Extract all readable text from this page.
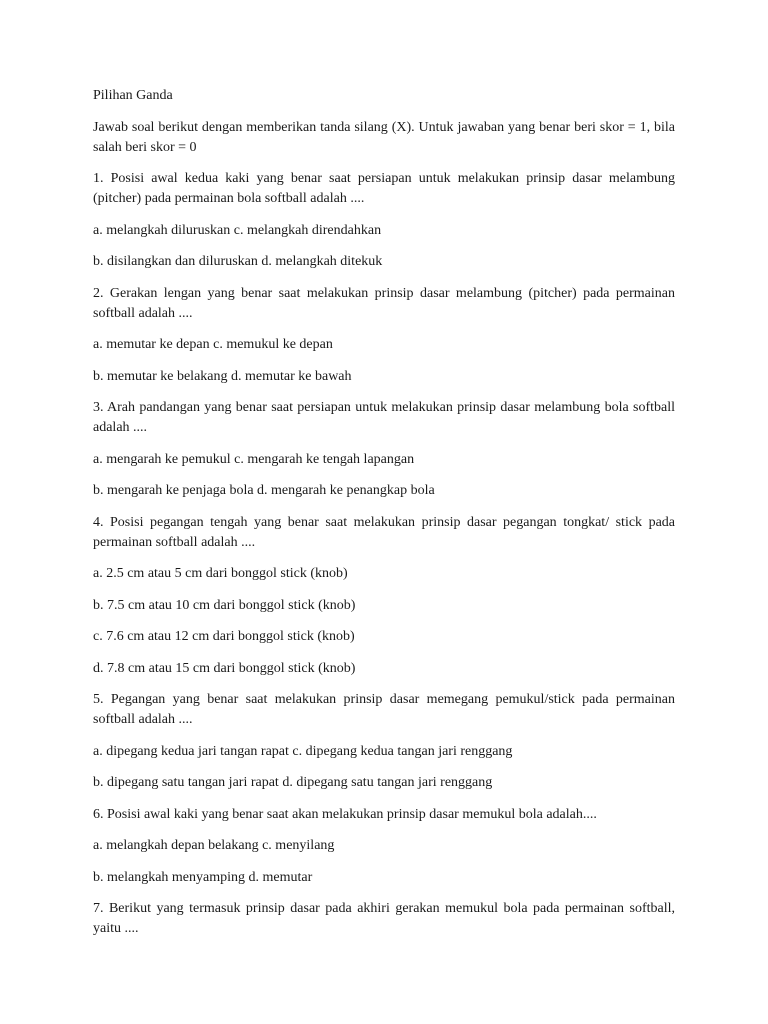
Pilihan Ganda
Jawab soal berikut dengan memberikan tanda silang (X). Untuk jawaban yang benar beri skor = 1, bila salah beri skor = 0
1. Posisi awal kedua kaki yang benar saat persiapan untuk melakukan prinsip dasar melambung (pitcher) pada permainan bola softball adalah ....
a. melangkah diluruskan c. melangkah direndahkan
b. disilangkan dan diluruskan d. melangkah ditekuk
2. Gerakan lengan yang benar saat melakukan prinsip dasar melambung (pitcher) pada permainan softball adalah ....
a. memutar ke depan c. memukul ke depan
b. memutar ke belakang d. memutar ke bawah
3. Arah pandangan yang benar saat persiapan untuk melakukan prinsip dasar melambung bola softball adalah ....
a. mengarah ke pemukul c. mengarah ke tengah lapangan
b. mengarah ke penjaga bola d. mengarah ke penangkap bola
4. Posisi pegangan tengah yang benar saat melakukan prinsip dasar pegangan tongkat/ stick pada permainan softball adalah ....
a. 2.5 cm atau 5 cm dari bonggol stick (knob)
b. 7.5 cm atau 10 cm dari bonggol stick (knob)
c. 7.6 cm atau 12 cm dari bonggol stick (knob)
d. 7.8 cm atau 15 cm dari bonggol stick (knob)
5. Pegangan yang benar saat melakukan prinsip dasar memegang pemukul/stick pada permainan softball adalah ....
a. dipegang kedua jari tangan rapat c. dipegang kedua tangan jari renggang
b. dipegang satu tangan jari rapat d. dipegang satu tangan jari renggang
6. Posisi awal kaki yang benar saat akan melakukan prinsip dasar memukul bola adalah....
a. melangkah depan belakang c. menyilang
b. melangkah menyamping d. memutar
7. Berikut yang termasuk prinsip dasar pada akhiri gerakan memukul bola pada permainan softball, yaitu ....
